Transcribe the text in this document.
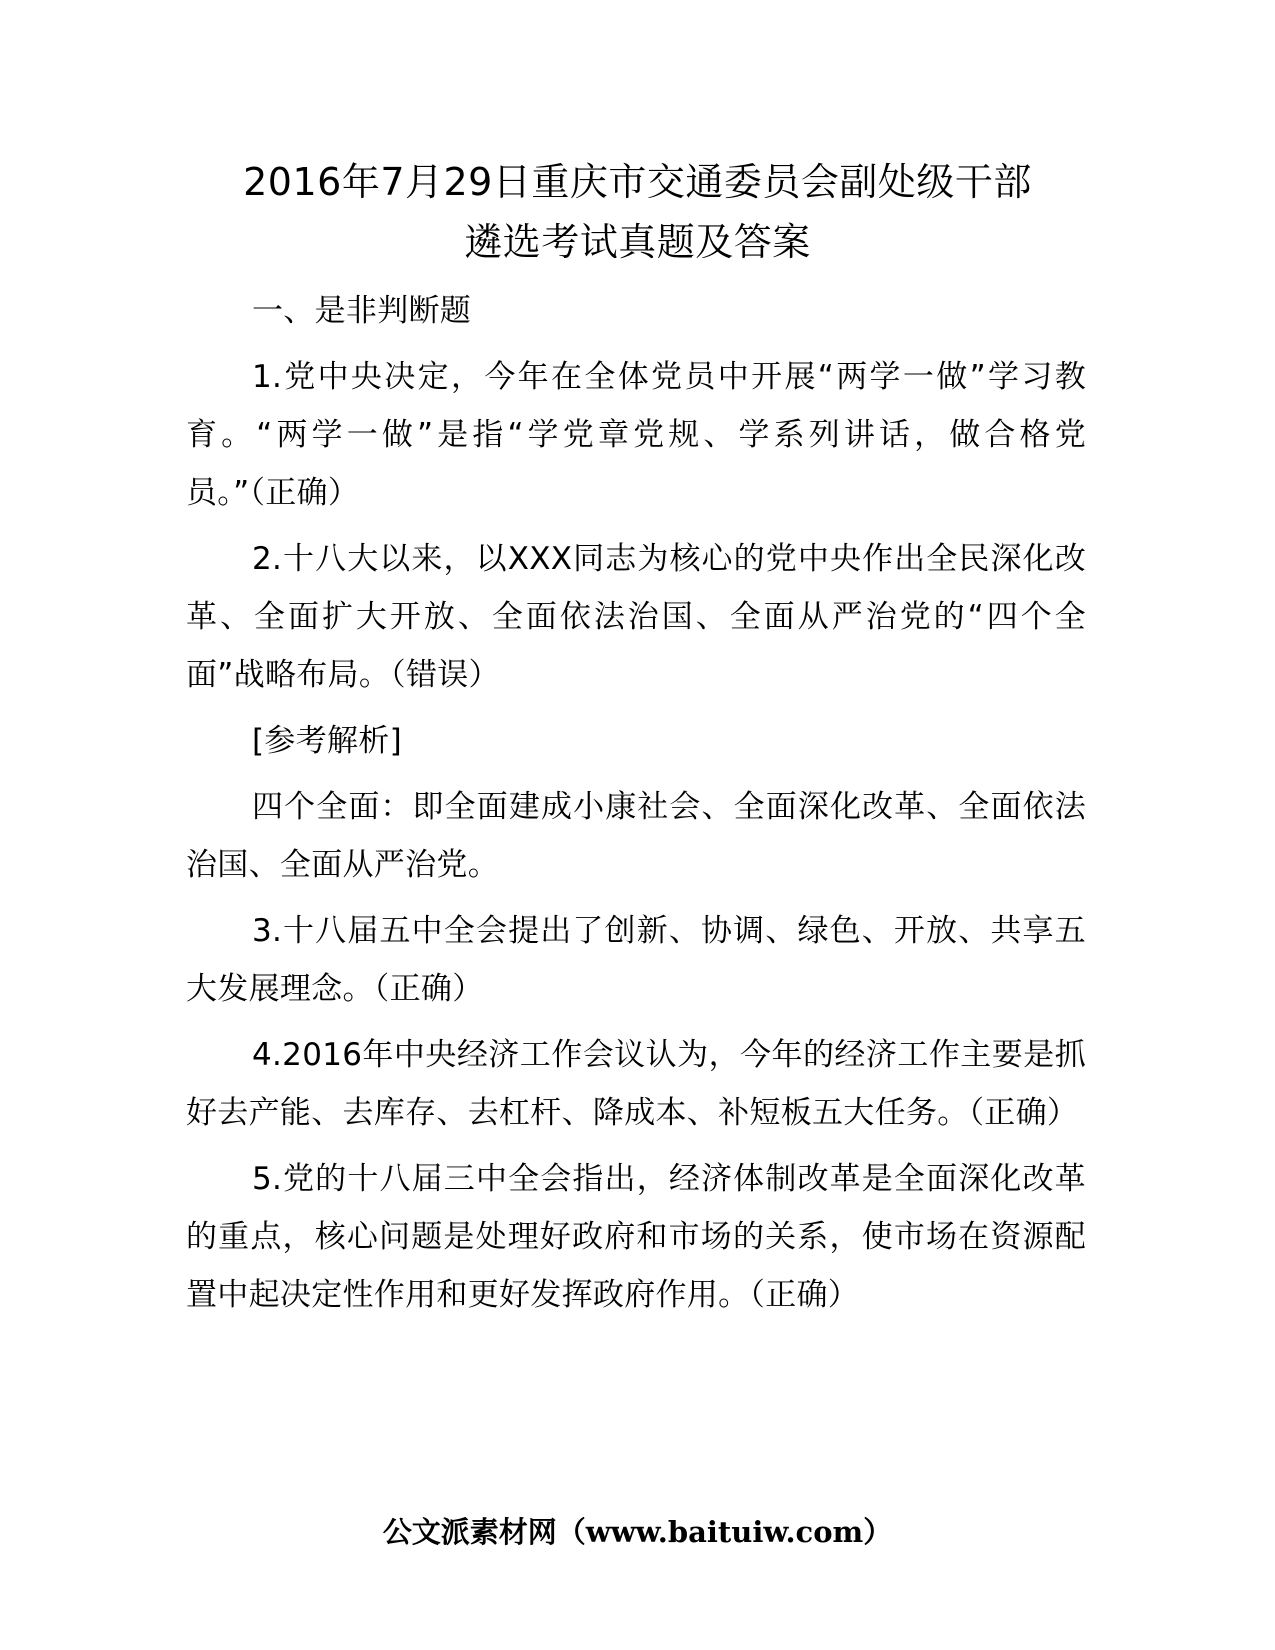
2016年7月29日重庆市交通委员会副处级干部
遴选考试真题及答案

一、是非判断题

1.党中央决定，今年在全体党员中开展“两学一做”学习教育。“两学一做”是指“学党章党规、学系列讲话，做合格党员。”（正确）

2.十八大以来，以XXX同志为核心的党中央作出全民深化改革、全面扩大开放、全面依法治国、全面从严治党的“四个全面”战略布局。（错误）

[参考解析]

四个全面：即全面建成小康社会、全面深化改革、全面依法治国、全面从严治党。

3.十八届五中全会提出了创新、协调、绿色、开放、共享五大发展理念。（正确）

4.2016年中央经济工作会议认为，今年的经济工作主要是抓好去产能、去库存、去杠杆、降成本、补短板五大任务。（正确）

5.党的十八届三中全会指出，经济体制改革是全面深化改革的重点，核心问题是处理好政府和市场的关系，使市场在资源配置中起决定性作用和更好发挥政府作用。（正确）

公文派素材网（www.baituiw.com）
